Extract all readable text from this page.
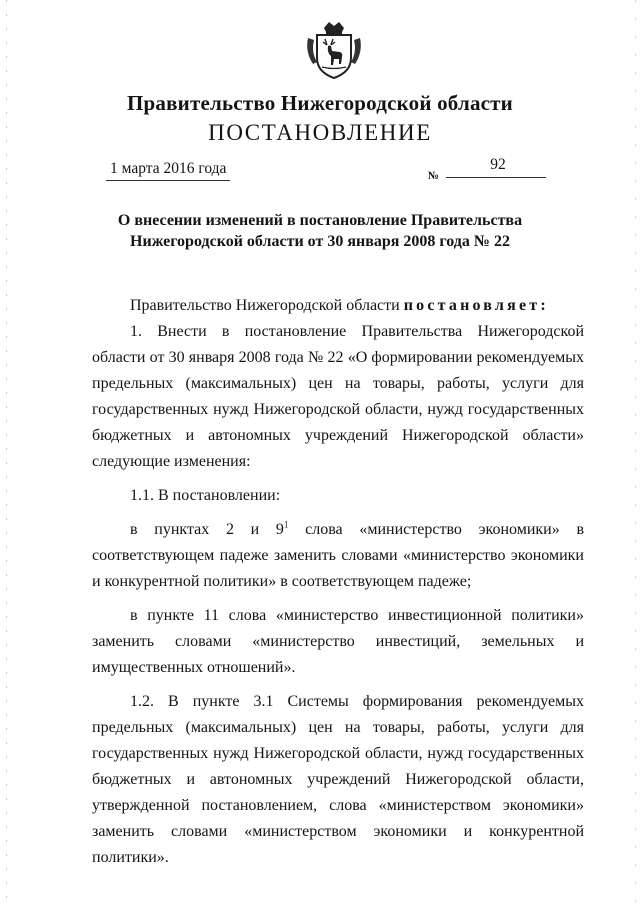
Правительство Нижегородской области
ПОСТАНОВЛЕНИЕ
1 марта 2016 года	№
92
О внесении изменений в постановление Правительства
Нижегородской области от 30 января 2008 года № 22

Правительство Нижегородской области постановляет:

1. Внести в постановление Правительства Нижегородской области от 30 января 2008 года № 22 «О формировании рекомендуемых предельных (максимальных) цен на товары, работы, услуги для государственных нужд Нижегородской области, нужд государственных бюджетных и автономных учреждений Нижегородской области» следующие изменения:

1.1. В постановлении:

в пунктах 2 и $9^1$ слова «министерство экономики» в соответствующем падеже заменить словами «министерство экономики и конкурентной политики» в соответствующем падеже;

в пункте 11 слова «министерство инвестиционной политики» заменить словами «министерство инвестиций, земельных и имущественных отношений».

1.2. В пункте 3.1 Системы формирования рекомендуемых предельных (максимальных) цен на товары, работы, услуги для государственных нужд Нижегородской области, нужд государственных бюджетных и автономных учреждений Нижегородской области, утвержденной постановлением, слова «министерством экономики» заменить словами «министерством экономики и конкурентной политики».
